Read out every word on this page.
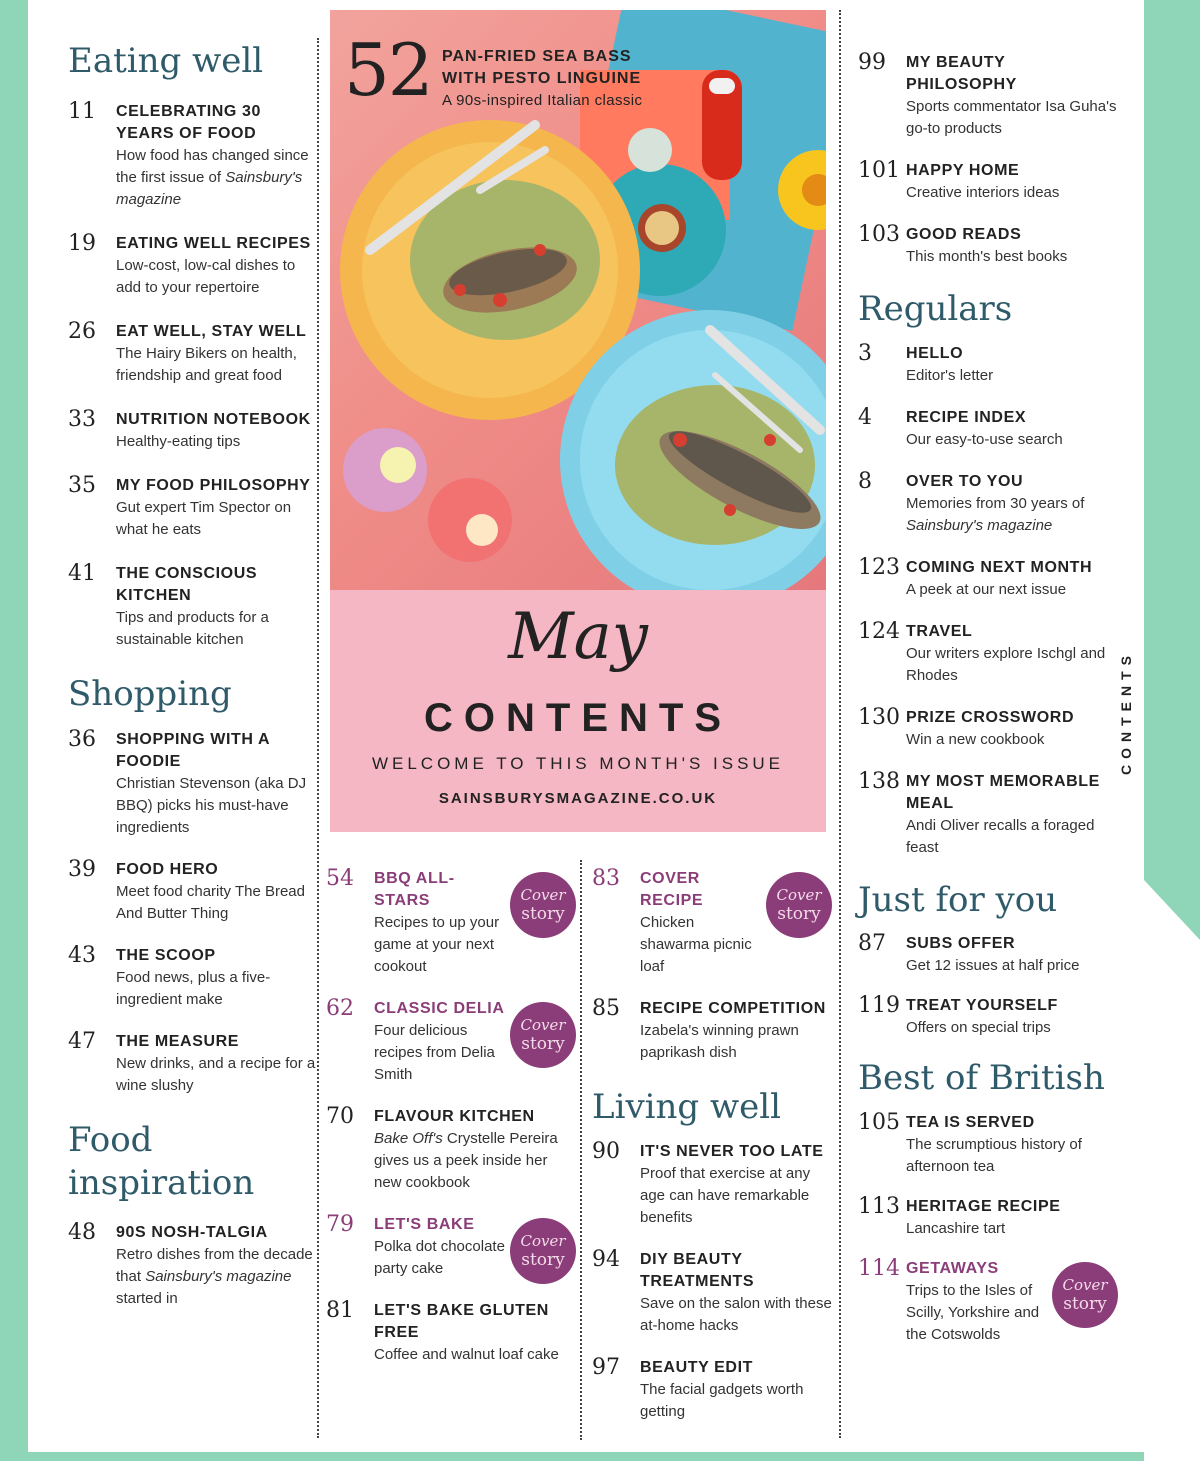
Eating well
11 CELEBRATING 30 YEARS OF FOOD
How food has changed since the first issue of Sainsbury's magazine
19 EATING WELL RECIPES
Low-cost, low-cal dishes to add to your repertoire
26 EAT WELL, STAY WELL
The Hairy Bikers on health, friendship and great food
33 NUTRITION NOTEBOOK
Healthy-eating tips
35 MY FOOD PHILOSOPHY
Gut expert Tim Spector on what he eats
41 THE CONSCIOUS KITCHEN
Tips and products for a sustainable kitchen
Shopping
36 SHOPPING WITH A FOODIE
Christian Stevenson (aka DJ BBQ) picks his must-have ingredients
39 FOOD HERO
Meet food charity The Bread And Butter Thing
43 THE SCOOP
Food news, plus a five-ingredient make
47 THE MEASURE
New drinks, and a recipe for a wine slushy
Food
inspiration
48 90S NOSH-TALGIA
Retro dishes from the decade that Sainsbury's magazine started in
52 PAN-FRIED SEA BASS
WITH PESTO LINGUINE
A 90s-inspired Italian classic
May
CONTENTS
WELCOME TO THIS MONTH'S ISSUE
SAINSBURYSMAGAZINE.CO.UK
54 BBQ ALL-STARS
Recipes to up your game at your next cookout
Cover
story
62 CLASSIC DELIA
Four delicious recipes from Delia Smith
Cover
story
70 FLAVOUR KITCHEN
Bake Off's Crystelle Pereira gives us a peek inside her new cookbook
79 LET'S BAKE
Polka dot chocolate party cake
Cover
story
81 LET'S BAKE GLUTEN FREE
Coffee and walnut loaf cake
83 COVER RECIPE
Chicken shawarma picnic loaf
Cover
story
85 RECIPE COMPETITION
Izabela's winning prawn paprikash dish
Living well
90 IT'S NEVER TOO LATE
Proof that exercise at any age can have remarkable benefits
94 DIY BEAUTY TREATMENTS
Save on the salon with these at-home hacks
97 BEAUTY EDIT
The facial gadgets worth getting
99 MY BEAUTY PHILOSOPHY
Sports commentator Isa Guha's go-to products
101 HAPPY HOME
Creative interiors ideas
103 GOOD READS
This month's best books
Regulars
3 HELLO
Editor's letter
4 RECIPE INDEX
Our easy-to-use search
8 OVER TO YOU
Memories from 30 years of Sainsbury's magazine
123 COMING NEXT MONTH
A peek at our next issue
124 TRAVEL
Our writers explore Ischgl and Rhodes
130 PRIZE CROSSWORD
Win a new cookbook
138 MY MOST MEMORABLE MEAL
Andi Oliver recalls a foraged feast
Just for you
87 SUBS OFFER
Get 12 issues at half price
119 TREAT YOURSELF
Offers on special trips
Best of British
105 TEA IS SERVED
The scrumptious history of afternoon tea
113 HERITAGE RECIPE
Lancashire tart
114 GETAWAYS
Trips to the Isles of Scilly, Yorkshire and the Cotswolds
Cover
story
CONTENTS
